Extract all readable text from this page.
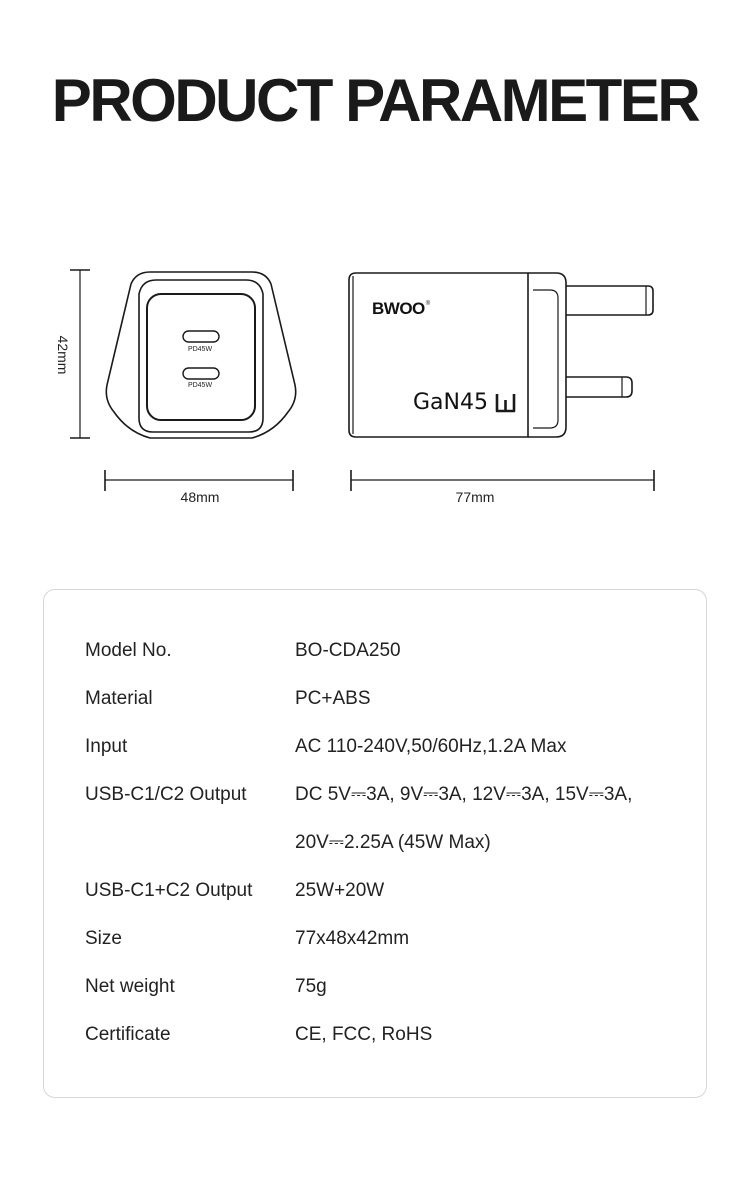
PRODUCT PARAMETER
42mm
48mm	77mm
PD45W
PD45W
BWOO®
GaN45
Model No.	BO-CDA250
Material	PC+ABS
Input	AC 110-240V,50/60Hz,1.2A Max
USB-C1/C2 Output	DC 5V⎓3A, 9V⎓3A, 12V⎓3A, 15V⎓3A,
20V⎓2.25A (45W Max)
USB-C1+C2 Output 25W+20W
Size	77x48x42mm
Net weight	75g
Certificate	CE, FCC, RoHS
